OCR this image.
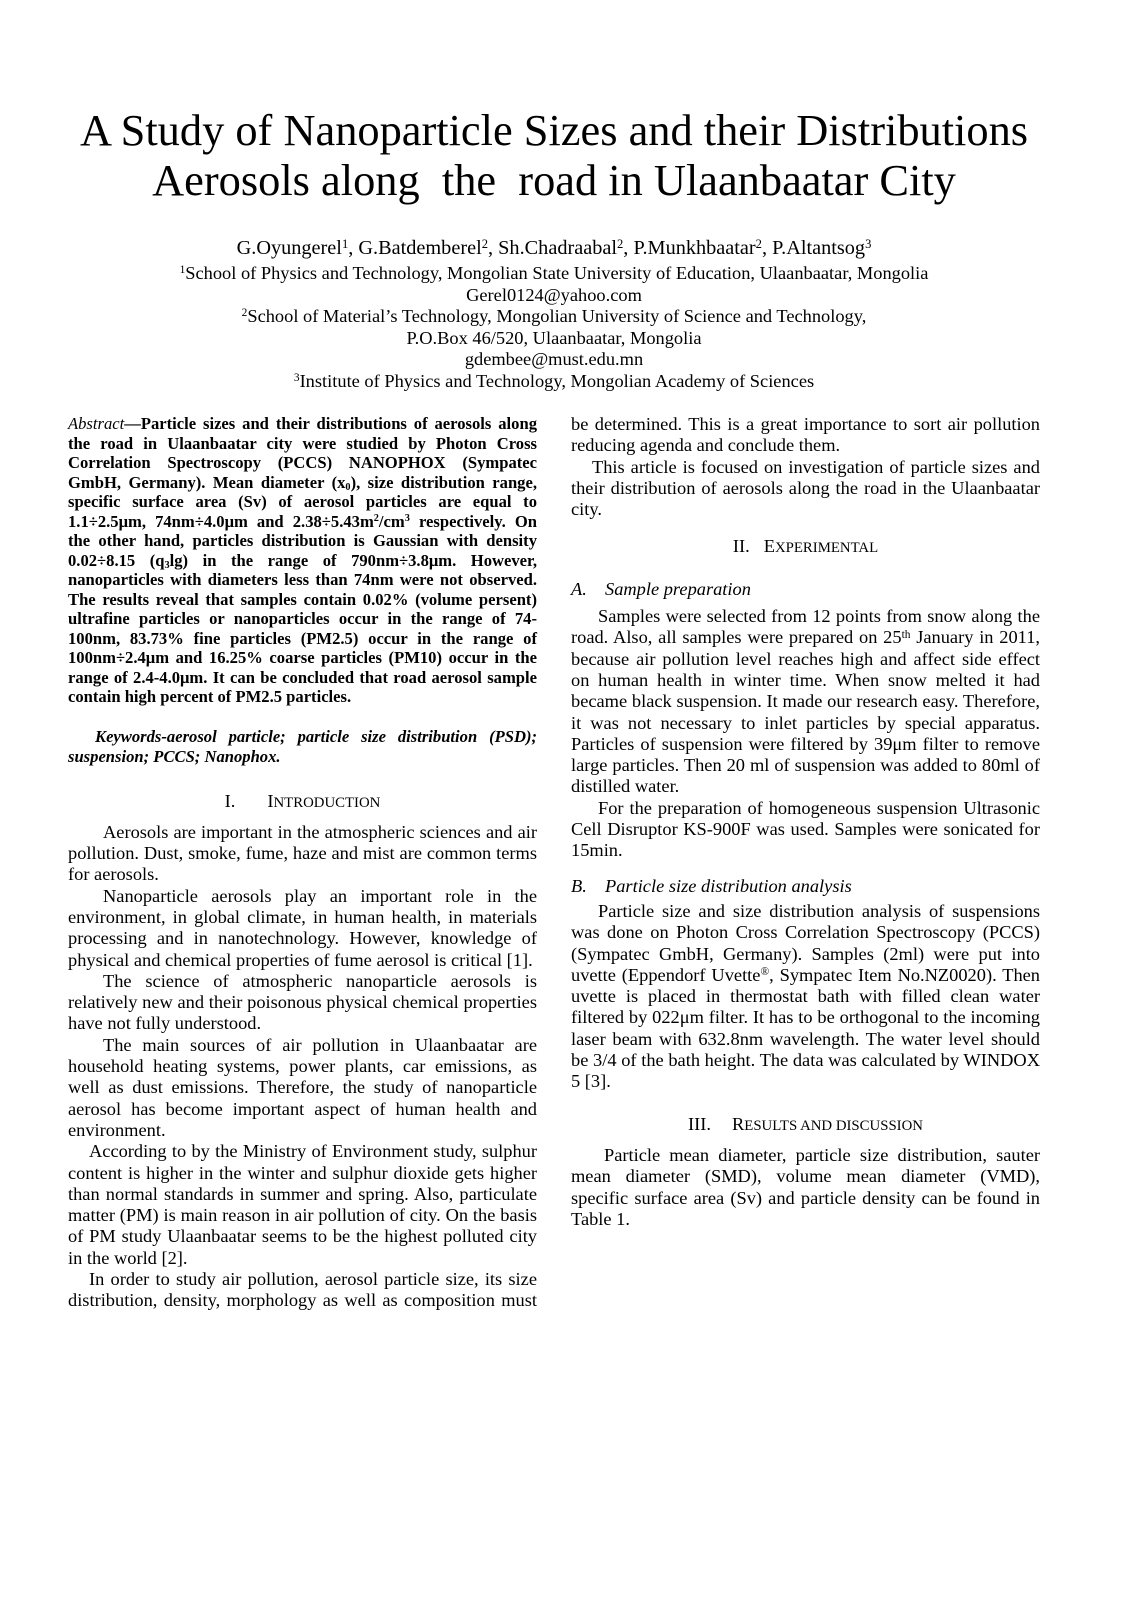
A Study of Nanoparticle Sizes and their Distributions
Aerosols along  the  road in Ulaanbaatar City
G.Oyungerel$^1$, G.Batdemberel$^2$, Sh.Chadraabal$^2$, P.Munkhbaatar$^2$, P.Altantsog$^3$
$^1$School of Physics and Technology, Mongolian State University of Education, Ulaanbaatar, Mongolia
Gerel0124@yahoo.com
$^2$School of Material’s Technology, Mongolian University of Science and Technology,
P.O.Box 46/520, Ulaanbaatar, Mongolia
gdembee@must.edu.mn
$^3$Institute of Physics and Technology, Mongolian Academy of Sciences

Abstract—Particle sizes and their distributions of aerosols along the road in Ulaanbaatar city were studied by Photon Cross Correlation Spectroscopy (PCCS) NANOPHOX (Sympatec GmbH, Germany). Mean diameter $(x_0)$, size distribution range, specific surface area (Sv) of aerosol particles are equal to 1.1÷2.5μm, 74nm÷4.0μm and $2.38\div 5.43m^2/cm^3$ respectively. On the other hand, particles distribution is Gaussian with density 0.02÷8.15 $(q_3\lg)$ in the range of 790nm÷3.8μm. However, nanoparticles with diameters less than 74nm were not observed. The results reveal that samples contain 0.02% (volume persent) ultrafine particles or nanoparticles occur in the range of 74-100nm, 83.73% fine particles (PM2.5) occur in the range of 100nm÷2.4μm and 16.25% coarse particles (PM10) occur in the range of 2.4-4.0μm. It can be concluded that road aerosol sample contain high percent of PM2.5 particles.

Keywords-aerosol particle; particle size distribution (PSD); suspension; PCCS; Nanophox.

I. INTRODUCTION

Aerosols are important in the atmospheric sciences and air pollution. Dust, smoke, fume, haze and mist are common terms for aerosols.

Nanoparticle aerosols play an important role in the environment, in global climate, in human health, in materials processing and in nanotechnology. However, knowledge of physical and chemical properties of fume aerosol is critical [1].

The science of atmospheric nanoparticle aerosols is relatively new and their poisonous physical chemical properties have not fully understood.

The main sources of air pollution in Ulaanbaatar are household heating systems, power plants, car emissions, as well as dust emissions. Therefore, the study of nanoparticle aerosol has become important aspect of human health and environment.

According to by the Ministry of Environment study, sulphur content is higher in the winter and sulphur dioxide gets higher than normal standards in summer and spring. Also, particulate matter (PM) is main reason in air pollution of city. On the basis of PM study Ulaanbaatar seems to be the highest polluted city in the world [2].

In order to study air pollution, aerosol particle size, its size distribution, density, morphology as well as composition must

be determined. This is a great importance to sort air pollution reducing agenda and conclude them.

This article is focused on investigation of particle sizes and their distribution of aerosols along the road in the Ulaanbaatar city.

II. EXPERIMENTAL
A. Sample preparation

Samples were selected from 12 points from snow along the road. Also, all samples were prepared on 25th January in 2011, because air pollution level reaches high and affect side effect on human health in winter time. When snow melted it had became black suspension. It made our research easy. Therefore, it was not necessary to inlet particles by special apparatus. Particles of suspension were filtered by 39μm filter to remove large particles. Then 20 ml of suspension was added to 80ml of distilled water.

For the preparation of homogeneous suspension Ultrasonic Cell Disruptor KS-900F was used. Samples were sonicated for 15min.

B. Particle size distribution analysis

Particle size and size distribution analysis of suspensions was done on Photon Cross Correlation Spectroscopy (PCCS) (Sympatec GmbH, Germany). Samples (2ml) were put into uvette (Eppendorf Uvette®, Sympatec Item No.NZ0020). Then uvette is placed in thermostat bath with filled clean water filtered by 022μm filter. It has to be orthogonal to the incoming laser beam with 632.8nm wavelength. The water level should be 3/4 of the bath height. The data was calculated by WINDOX 5 [3].

III. RESULTS AND DISCUSSION

Particle mean diameter, particle size distribution, sauter mean diameter (SMD), volume mean diameter (VMD), specific surface area (Sv) and particle density can be found in Table 1.
